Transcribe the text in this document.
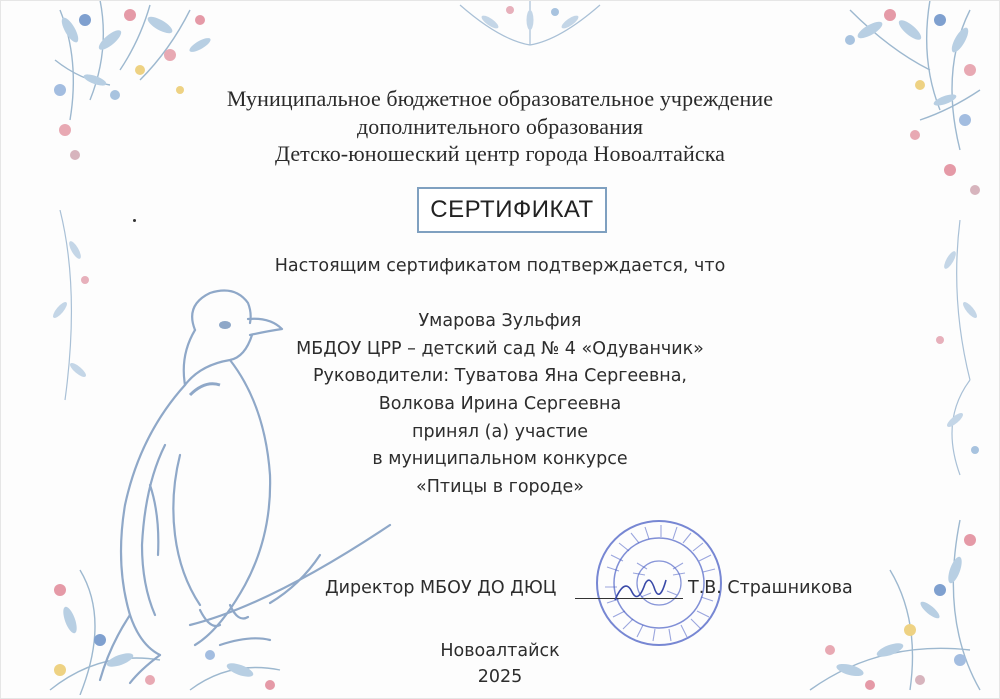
Муниципальное бюджетное образовательное учреждение
дополнительного образования
Детско-юношеский центр города Новоалтайска
СЕРТИФИКАТ
Настоящим сертификатом подтверждается, что
Умарова Зульфия
МБДОУ ЦРР – детский сад № 4 «Одуванчик»
Руководители: Туватова Яна Сергеевна,
Волкова Ирина Сергеевна
принял (а) участие
в муниципальном конкурсе
«Птицы в городе»
Директор МБОУ ДО ДЮЦ	Т.В. Страшникова
Новоалтайск
2025
